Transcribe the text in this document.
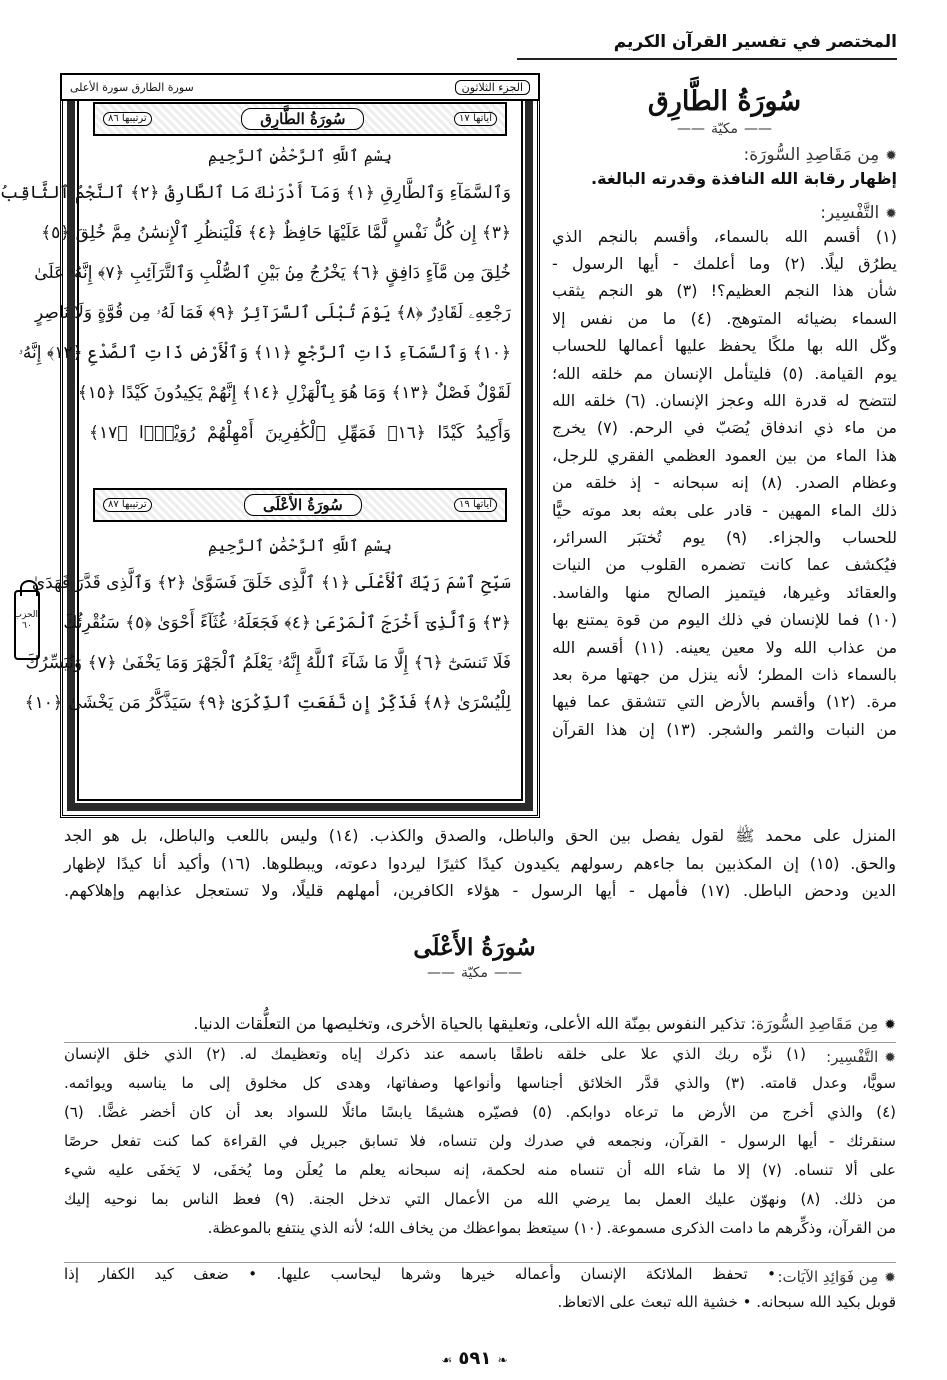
المختصر في تفسير القرآن الكريم
سُورَةُ الطَّارِق
—— مكيّة ——
✹مِن مَقَاصِدِ السُّورَة:

إظهار رقابة الله النافذة وقدرته البالغة.

✹التَّفْسِير:
(١) أقسم الله بالسماء، وأقسم بالنجم الذي
يطرُق ليلًا. (٢) وما أعلمك - أيها الرسول -
شأن هذا النجم العظيم؟! (٣) هو النجم يثقب
السماء بضيائه المتوهج. (٤) ما من نفس إلا
وكّل الله بها ملكًا يحفظ عليها أعمالها للحساب
يوم القيامة. (٥) فليتأمل الإنسان مم خلقه الله؛
لتتضح له قدرة الله وعجز الإنسان. (٦) خلقه الله
من ماء ذي اندفاق يُصَبّ في الرحم. (٧) يخرج
هذا الماء من بين العمود العظمي الفقري للرجل،
وعظام الصدر. (٨) إنه سبحانه - إذ خلقه من
ذلك الماء المهين - قادر على بعثه بعد موته حيًّا
للحساب والجزاء. (٩) يوم تُختبَر السرائر،
فيُكشف عما كانت تضمره القلوب من النيات
والعقائد وغيرها، فيتميز الصالح منها والفاسد.
(١٠) فما للإنسان في ذلك اليوم من قوة يمتنع بها
من عذاب الله ولا معين يعينه. (١١) أقسم الله
بالسماء ذات المطر؛ لأنه ينزل من جهتها مرة بعد
مرة. (١٢) وأقسم بالأرض التي تتشقق عما فيها
من النبات والثمر والشجر. (١٣) إن هذا القرآن
آياتها ١٧
سُورَةُ الطَّارِق
ترتيبها ٨٦
بِسْمِ ٱللَّهِ ٱلرَّحْمَٰنِ ٱلرَّحِيمِ
وَٱلسَّمَآءِ وَٱلطَّارِقِ ﴿١﴾ وَمَآ أَدْرَىٰكَ مَا ٱلطَّارِقُ ﴿٢﴾ ٱلنَّجْمُ ٱلثَّاقِبُ
﴿٣﴾ إِن كُلُّ نَفْسٍ لَّمَّا عَلَيْهَا حَافِظٌ ﴿٤﴾ فَلْيَنظُرِ ٱلْإِنسَٰنُ مِمَّ خُلِقَ ﴿٥﴾
خُلِقَ مِن مَّآءٍ دَافِقٍ ﴿٦﴾ يَخْرُجُ مِنۢ بَيْنِ ٱلصُّلْبِ وَٱلتَّرَآئِبِ ﴿٧﴾ إِنَّهُۥ عَلَىٰ
رَجْعِهِۦ لَقَادِرٌ ﴿٨﴾ يَوْمَ تُبْلَى ٱلسَّرَآئِرُ ﴿٩﴾ فَمَا لَهُۥ مِن قُوَّةٍ وَلَا نَاصِرٍ
﴿١٠﴾ وَٱلسَّمَآءِ ذَاتِ ٱلرَّجْعِ ﴿١١﴾ وَٱلْأَرْضِ ذَاتِ ٱلصَّدْعِ ﴿١٢﴾ إِنَّهُۥ
لَقَوْلٌ فَصْلٌ ﴿١٣﴾ وَمَا هُوَ بِٱلْهَزْلِ ﴿١٤﴾ إِنَّهُمْ يَكِيدُونَ كَيْدًا ﴿١٥﴾
وَأَكِيدُ كَيْدًا ﴿١٦﴾ فَمَهِّلِ ٱلْكَٰفِرِينَ أَمْهِلْهُمْ رُوَيْدًۢا ﴿١٧﴾
آياتها ١٩
سُورَةُ الأَعْلَى
ترتيبها ٨٧
بِسْمِ ٱللَّهِ ٱلرَّحْمَٰنِ ٱلرَّحِيمِ
سَبِّحِ ٱسْمَ رَبِّكَ ٱلْأَعْلَى ﴿١﴾ ٱلَّذِى خَلَقَ فَسَوَّىٰ ﴿٢﴾ وَٱلَّذِى قَدَّرَ فَهَدَىٰ
﴿٣﴾ وَٱلَّذِىٓ أَخْرَجَ ٱلْمَرْعَىٰ ﴿٤﴾ فَجَعَلَهُۥ غُثَآءً أَحْوَىٰ ﴿٥﴾ سَنُقْرِئُكَ
فَلَا تَنسَىٰٓ ﴿٦﴾ إِلَّا مَا شَآءَ ٱللَّهُ إِنَّهُۥ يَعْلَمُ ٱلْجَهْرَ وَمَا يَخْفَىٰ ﴿٧﴾ وَنُيَسِّرُكَ
لِلْيُسْرَىٰ ﴿٨﴾ فَذَكِّرْ إِن نَّفَعَتِ ٱلذِّكْرَىٰ ﴿٩﴾ سَيَذَّكَّرُ مَن يَخْشَىٰ ﴿١٠﴾
الجزء الثلاثون
سورة الطارق سورة الأعلى
الحزب ٦٠
المنزل على محمد ﷺ لقول يفصل بين الحق والباطل، والصدق والكذب. (١٤) وليس باللعب والباطل، بل هو الجد
والحق. (١٥) إن المكذبين بما جاءهم رسولهم يكيدون كيدًا كثيرًا ليردوا دعوته، ويبطلوها. (١٦) وأكيد أنا كيدًا لإظهار
الدين ودحض الباطل. (١٧) فأمهل - أيها الرسول - هؤلاء الكافرين، أمهلهم قليلًا، ولا تستعجل عذابهم وإهلاكهم.
سُورَةُ الأَعْلَى
—— مكيّة ——

✹مِن مَقَاصِدِ السُّورَة: تذكير النفوس بمِنّة الله الأعلى، وتعليقها بالحياة الأخرى، وتخليصها من التعلُّقات الدنيا.

✹التَّفْسِير:
(١) نزِّه ربك الذي علا على خلقه ناطقًا باسمه عند ذكرك إياه وتعظيمك له. (٢) الذي خلق الإنسان
سويًّا، وعدل قامته. (٣) والذي قدَّر الخلائق أجناسها وأنواعها وصفاتها، وهدى كل مخلوق إلى ما يناسبه ويوائمه.
(٤) والذي أخرج من الأرض ما ترعاه دوابكم. (٥) فصيّره هشيمًا يابسًا مائلًا للسواد بعد أن كان أخضر غضًّا. (٦)
سنقرئك - أيها الرسول - القرآن، ونجمعه في صدرك ولن تنساه، فلا تسابق جبريل في القراءة كما كنت تفعل حرصًا
على ألا تنساه. (٧) إلا ما شاء الله أن تنساه منه لحكمة، إنه سبحانه يعلم ما يُعلَن وما يُخفَى، لا يَخفَى عليه شيء
من ذلك. (٨) ونهوّن عليك العمل بما يرضي الله من الأعمال التي تدخل الجنة. (٩) فعظ الناس بما نوحيه إليك
من القرآن، وذكِّرهم ما دامت الذكرى مسموعة. (١٠) سيتعظ بمواعظك من يخاف الله؛ لأنه الذي ينتفع بالموعظة.
✹مِن فَوَائِدِ الآيَات:
• تحفظ الملائكة الإنسان وأعماله خيرها وشرها ليحاسب عليها. • ضعف كيد الكفار إذا
قوبل بكيد الله سبحانه. • خشية الله تبعث على الاتعاظ.
❧ ٥٩١ ☙
